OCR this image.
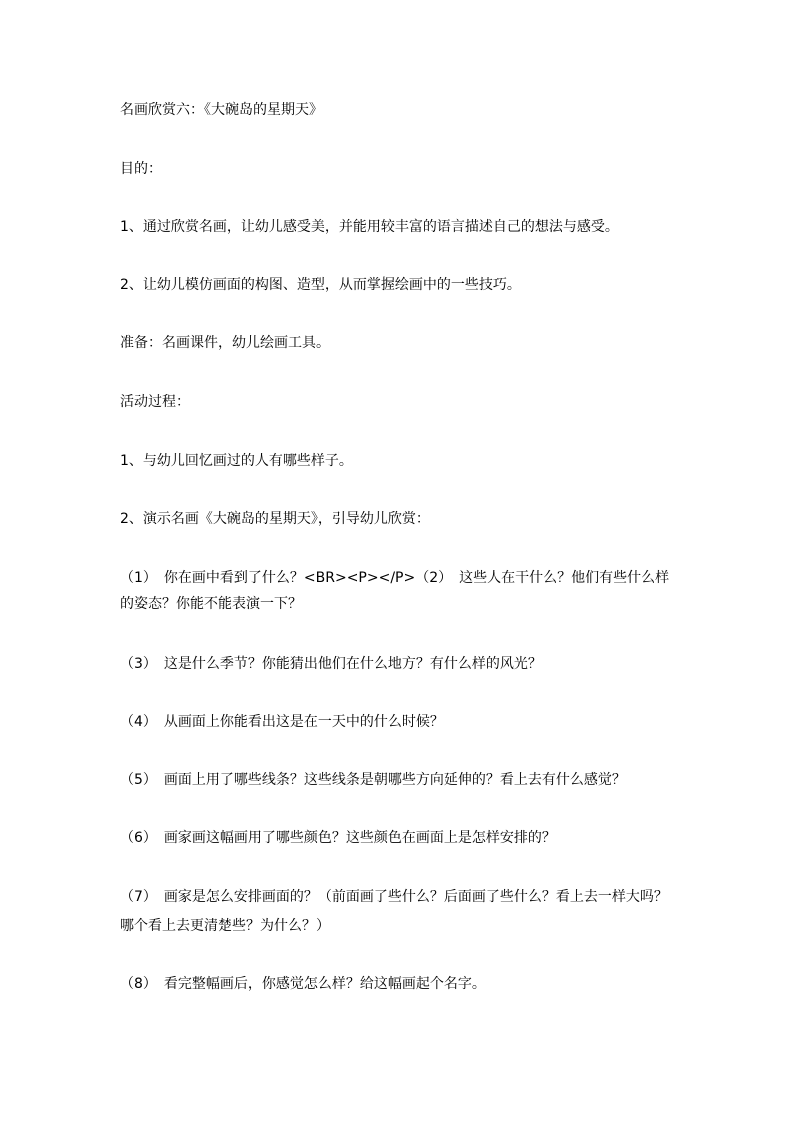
名画欣赏六：《大碗岛的星期天》
目的：
1、通过欣赏名画，让幼儿感受美，并能用较丰富的语言描述自己的想法与感受。
2、让幼儿模仿画面的构图、造型，从而掌握绘画中的一些技巧。
准备：名画课件，幼儿绘画工具。
活动过程：
1、与幼儿回忆画过的人有哪些样子。
2、演示名画《大碗岛的星期天》，引导幼儿欣赏：
（1）　你在画中看到了什么？<BR><P></P>（2）　这些人在干什么？他们有些什么样
的姿态？你能不能表演一下？
（3）　这是什么季节？你能猜出他们在什么地方？有什么样的风光？
（4）　从画面上你能看出这是在一天中的什么时候？
（5）　画面上用了哪些线条？这些线条是朝哪些方向延伸的？看上去有什么感觉？
（6）　画家画这幅画用了哪些颜色？这些颜色在画面上是怎样安排的？
（7）　画家是怎么安排画面的？（前面画了些什么？后面画了些什么？看上去一样大吗？
哪个看上去更清楚些？为什么？）
（8）　看完整幅画后，你感觉怎么样？给这幅画起个名字。
